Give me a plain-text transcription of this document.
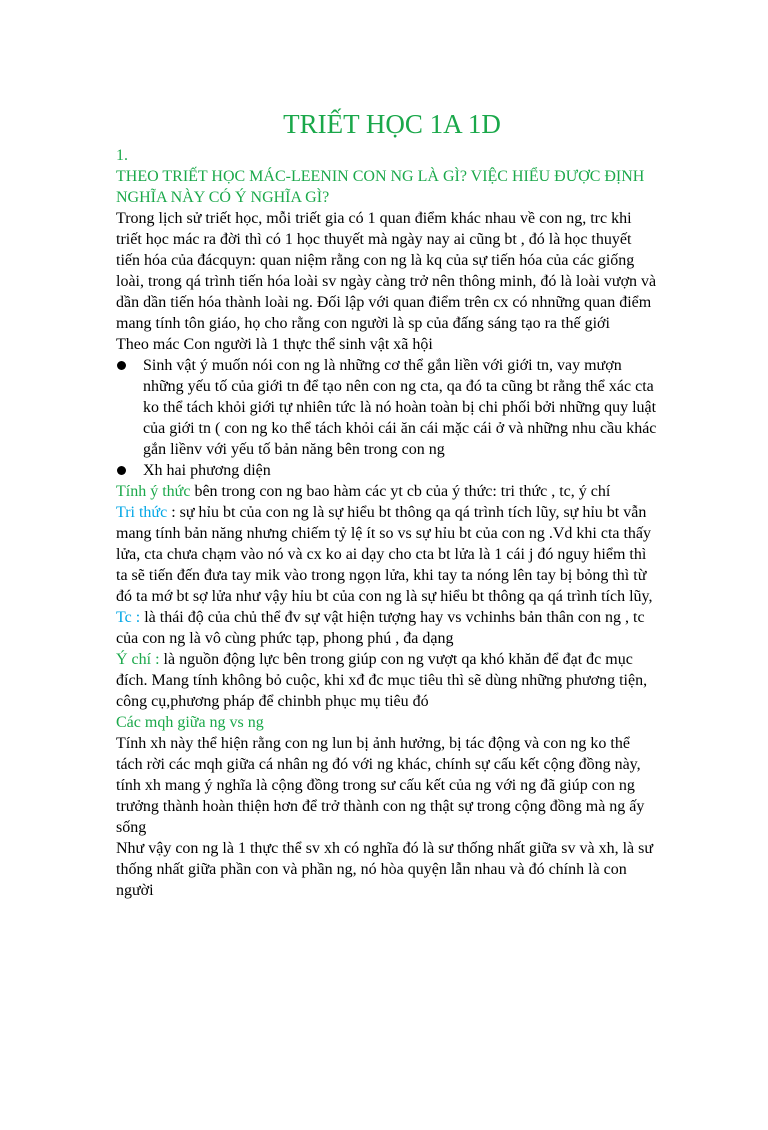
TRIẾT HỌC 1A 1D
1.
THEO TRIẾT HỌC MÁC-LEENIN CON NG LÀ GÌ? VIỆC HIỂU ĐƯỢC ĐỊNH NGHĨA NÀY CÓ Ý NGHĨA GÌ?

Trong lịch sử triết học, mỗi triết gia có 1 quan điểm khác nhau về con ng, trc khi triết học mác ra đời thì có 1 học thuyết mà ngày nay ai cũng bt , đó là học thuyết tiến hóa của đácquyn: quan niệm rằng con ng là kq của sự tiến hóa của các giống loài, trong qá trình tiến hóa loài sv ngày càng trở nên thông minh, đó là loài vượn và dần dần tiến hóa thành loài ng. Đối lập với quan điểm trên cx có nhnững quan điểm mang tính tôn giáo, họ cho rằng con người là sp của đấng sáng tạo ra thế giới

Theo mác Con người là 1 thực thể sinh vật xã hội

Sinh vật ý muốn nói con ng là những cơ thể gắn liền với giới tn, vay mượn những yếu tố của giới tn để tạo nên con ng cta, qa đó ta cũng bt rằng thể xác cta ko thể tách khỏi giới tự nhiên tức là nó hoàn toàn bị chi phối bởi những quy luật của giới tn ( con ng ko thể tách khỏi cái ăn cái mặc cái ở và những nhu cầu khác gắn liềnv với yếu tố bản năng bên trong con ng
Xh hai phương diện

Tính ý thức bên trong con ng bao hàm các yt cb của ý thức: tri thức , tc, ý chí

Tri thức : sự hỉu bt của con ng là sự hiểu bt thông qa qá trình tích lũy, sự hỉu bt vẫn mang tính bản năng nhưng chiếm tỷ lệ ít so vs sự hỉu bt của con ng .Vd khi cta thấy lửa, cta chưa chạm vào nó và cx ko ai dạy cho cta bt lửa là 1 cái j đó nguy hiểm thì ta sẽ tiến đến đưa tay mik vào trong ngọn lửa, khi tay ta nóng lên tay bị bỏng thì từ đó ta mớ bt sợ lửa như vậy hỉu bt của con ng là sự hiểu bt thông qa qá trình tích lũy,

Tc : là thái độ của chủ thể đv sự vật hiện tượng hay vs vchinhs bản thân con ng , tc của con ng là vô cùng phức tạp, phong phú , đa dạng

Ý chí : là nguồn động lực bên trong giúp con ng vượt qa khó khăn để đạt đc mục đích. Mang tính không bỏ cuộc, khi xđ đc mục tiêu thì sẽ dùng những phương tiện, công cụ,phương pháp để chinbh phục mụ tiêu đó

Các mqh giữa ng vs ng

Tính xh này thể hiện rằng con ng lun bị ảnh hưởng, bị tác động và con ng ko thể tách rời các mqh giữa cá nhân ng đó với ng khác, chính sự cấu kết cộng đồng này, tính xh mang ý nghĩa là cộng đồng trong sư cấu kết của ng với ng đã giúp con ng trưởng thành hoàn thiện hơn để trở thành con ng thật sự trong cộng đồng mà ng ấy sống

Như vậy con ng là 1 thực thể sv xh có nghĩa đó là sư thống nhất giữa sv và xh, là sư thống nhất giữa phần con và phần ng, nó hòa quyện lẫn nhau và đó chính là con người
